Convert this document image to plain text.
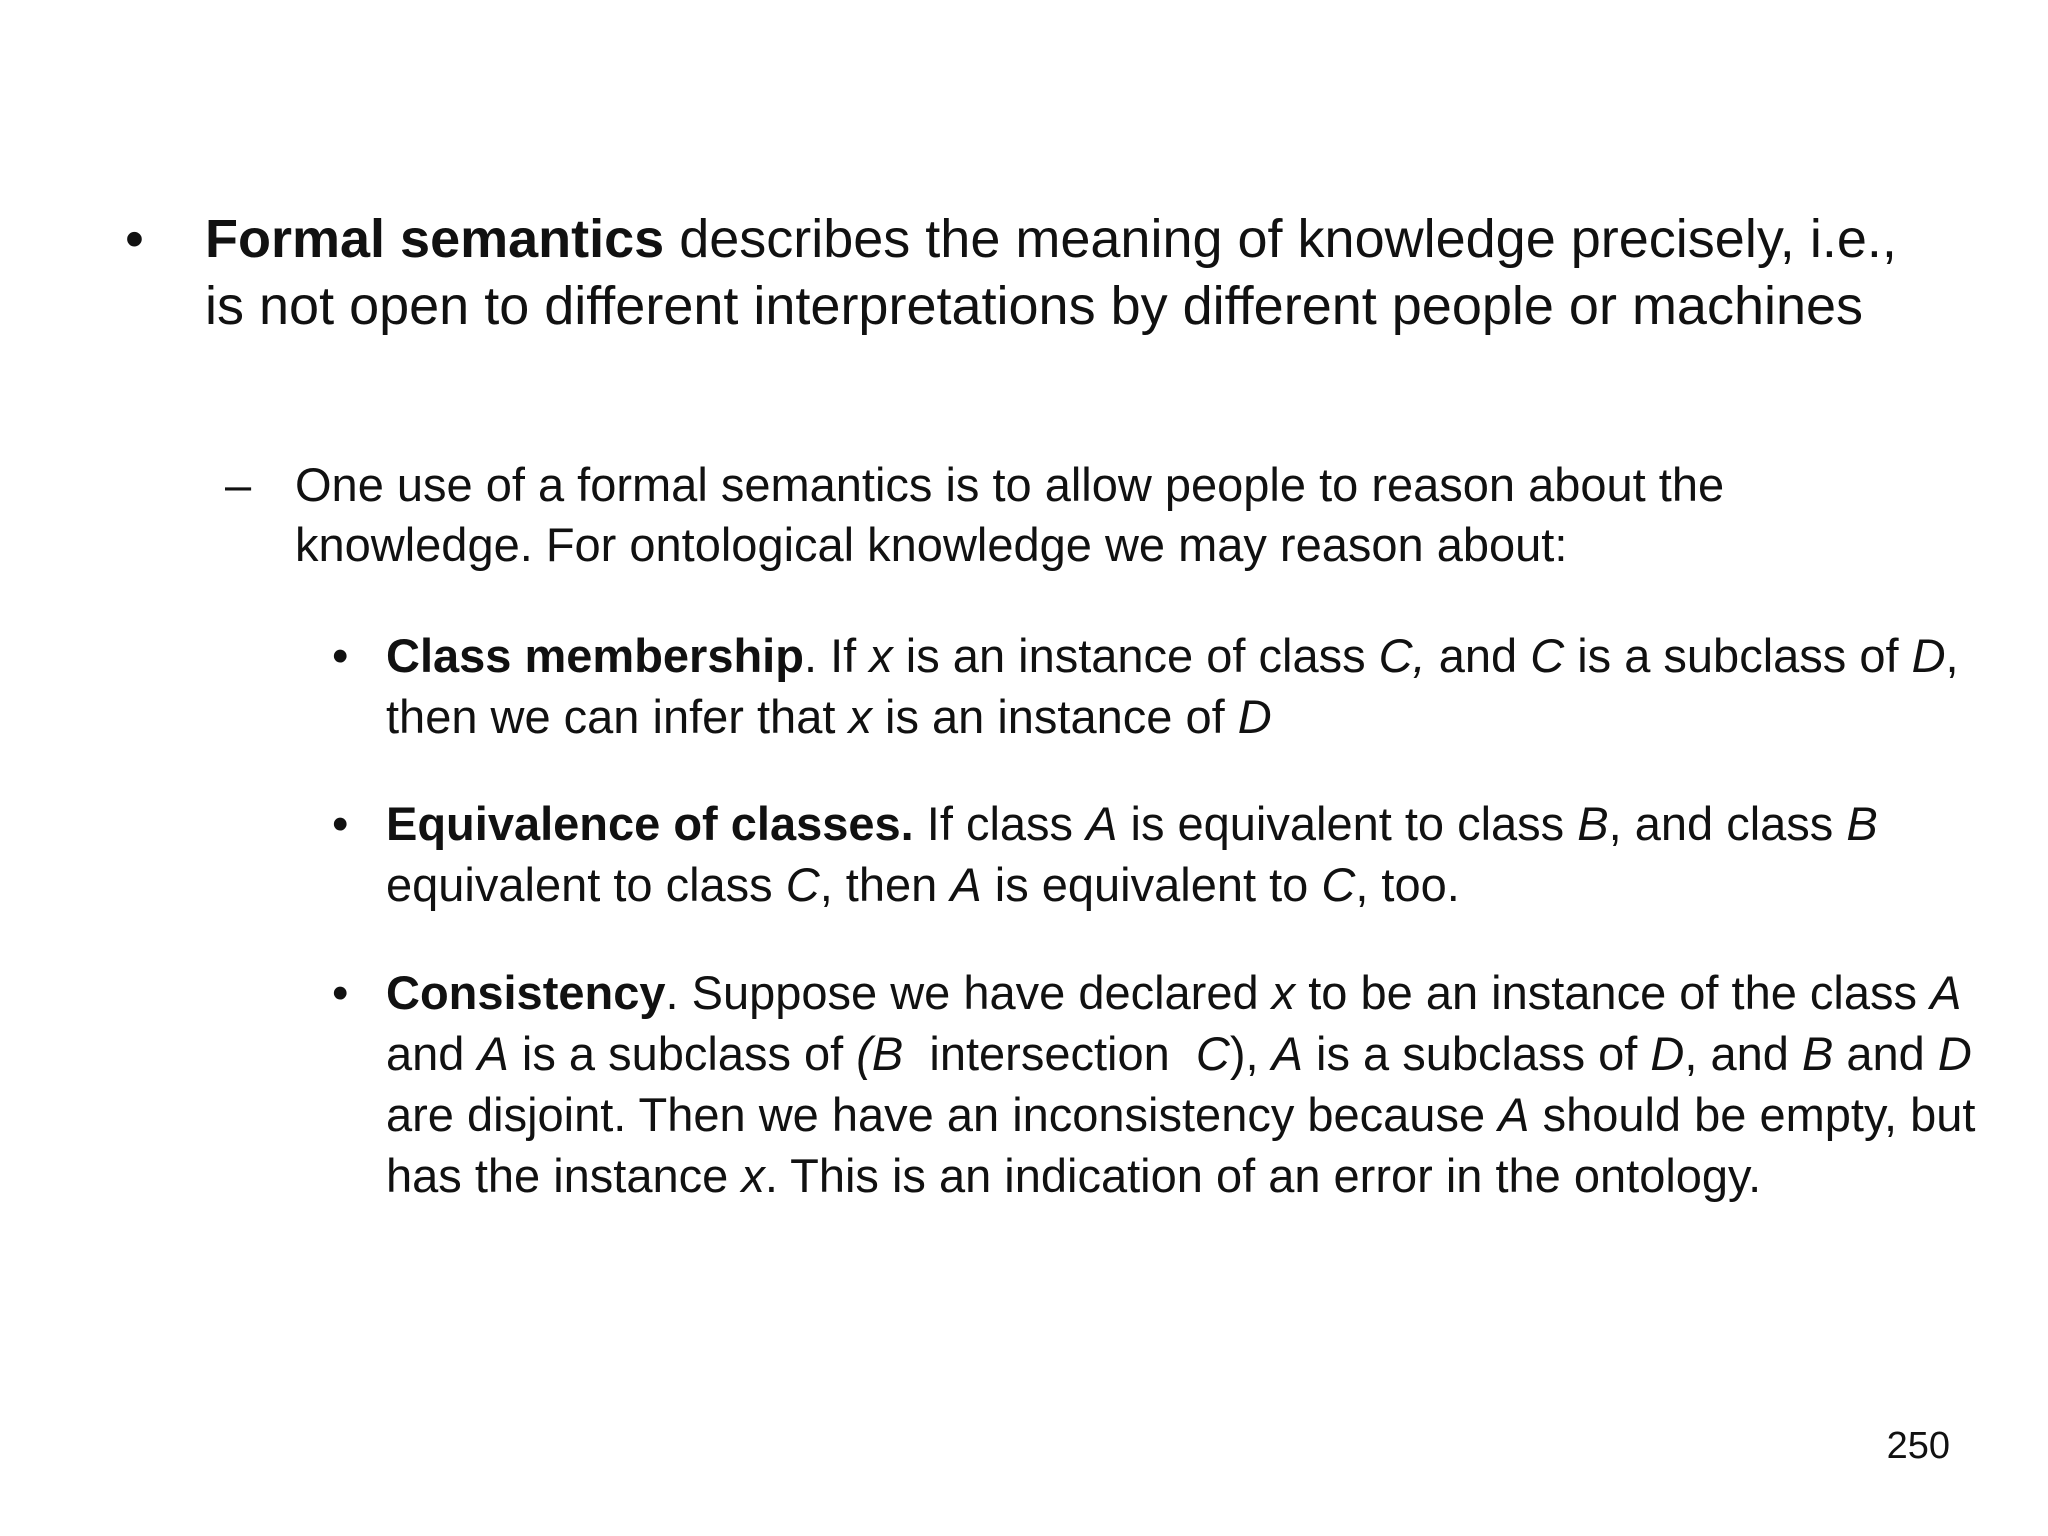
•	Formal semantics describes the meaning of knowledge precisely, i.e., is not open to different interpretations by different people or machines
– One use of a formal semantics is to allow people to reason about the knowledge. For ontological knowledge we may reason about:
• Class membership. If x is an instance of class C, and C is a subclass of D, then we can infer that x is an instance of D
• Equivalence of classes. If class A is equivalent to class B, and class B equivalent to class C, then A is equivalent to C, too.
• Consistency. Suppose we have declared x to be an instance of the class A and A is a subclass of (B  intersection  C), A is a subclass of D, and B and D are disjoint. Then we have an inconsistency because A should be empty, but has the instance x. This is an indication of an error in the ontology.
250
